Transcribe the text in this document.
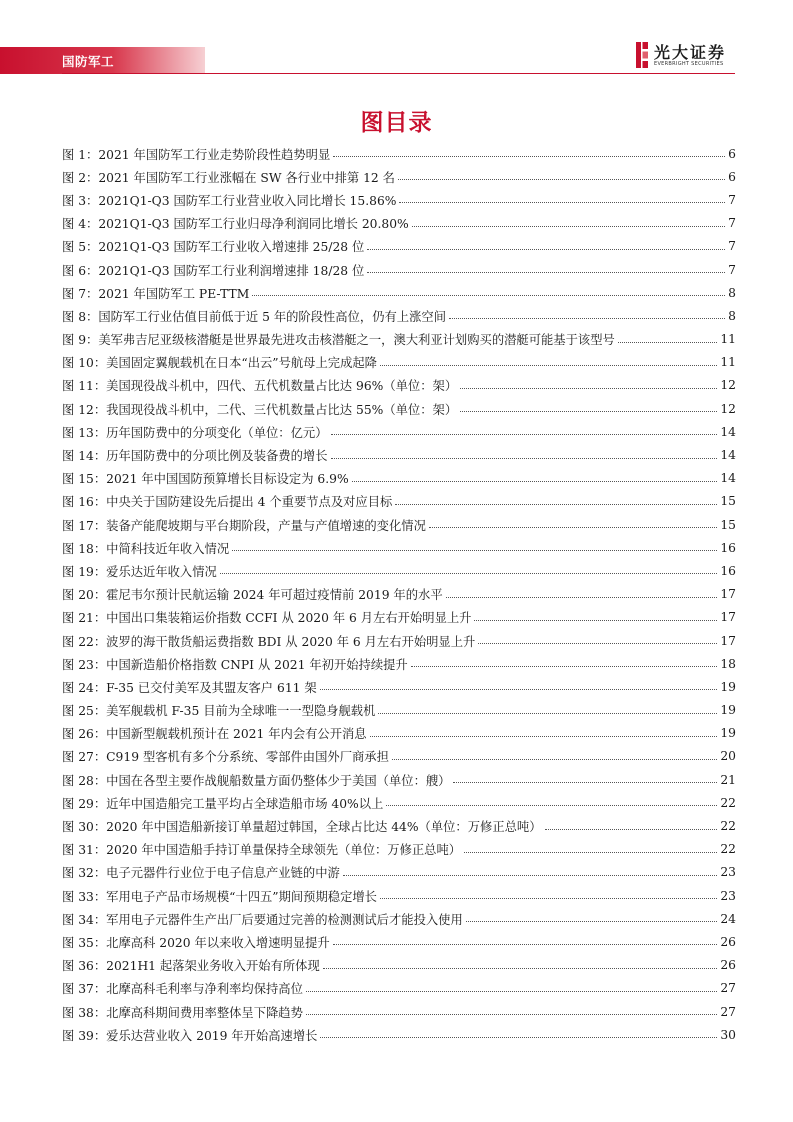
国防军工	光大证券
EVERBRIGHT SECURITIES
图目录
图 1：2021 年国防军工行业走势阶段性趋势明显	6
图 2：2021 年国防军工行业涨幅在 SW 各行业中排第 12 名	6
图 3：2021Q1-Q3 国防军工行业营业收入同比增长 15.86%	7
图 4：2021Q1-Q3 国防军工行业归母净利润同比增长 20.80%	7
图 5：2021Q1-Q3 国防军工行业收入增速排 25/28 位	7
图 6：2021Q1-Q3 国防军工行业利润增速排 18/28 位	7
图 7：2021 年国防军工 PE-TTM	8
图 8：国防军工行业估值目前低于近 5 年的阶段性高位，仍有上涨空间	8
图 9：美军弗吉尼亚级核潜艇是世界最先进攻击核潜艇之一，澳大利亚计划购买的潜艇可能基于该型号	11
图 10：美国固定翼舰载机在日本“出云”号航母上完成起降	11
图 11：美国现役战斗机中，四代、五代机数量占比达 96%（单位：架）	12
图 12：我国现役战斗机中，二代、三代机数量占比达 55%（单位：架）	12
图 13：历年国防费中的分项变化（单位：亿元）	14
图 14：历年国防费中的分项比例及装备费的增长	14
图 15：2021 年中国国防预算增长目标设定为 6.9%	14
图 16：中央关于国防建设先后提出 4 个重要节点及对应目标	15
图 17：装备产能爬坡期与平台期阶段，产量与产值增速的变化情况	15
图 18：中简科技近年收入情况	16
图 19：爱乐达近年收入情况	16
图 20：霍尼韦尔预计民航运输 2024 年可超过疫情前 2019 年的水平	17
图 21：中国出口集装箱运价指数 CCFI 从 2020 年 6 月左右开始明显上升	17
图 22：波罗的海干散货船运费指数 BDI 从 2020 年 6 月左右开始明显上升	17
图 23：中国新造船价格指数 CNPI 从 2021 年初开始持续提升	18
图 24：F-35 已交付美军及其盟友客户 611 架	19
图 25：美军舰载机 F-35 目前为全球唯一一型隐身舰载机	19
图 26：中国新型舰载机预计在 2021 年内会有公开消息	19
图 27：C919 型客机有多个分系统、零部件由国外厂商承担	20
图 28：中国在各型主要作战舰船数量方面仍整体少于美国（单位：艘）	21
图 29：近年中国造船完工量平均占全球造船市场 40%以上	22
图 30：2020 年中国造船新接订单量超过韩国，全球占比达 44%（单位：万修正总吨）	22
图 31：2020 年中国造船手持订单量保持全球领先（单位：万修正总吨）	22
图 32：电子元器件行业位于电子信息产业链的中游	23
图 33：军用电子产品市场规模“十四五”期间预期稳定增长	23
图 34：军用电子元器件生产出厂后要通过完善的检测测试后才能投入使用	24
图 35：北摩高科 2020 年以来收入增速明显提升	26
图 36：2021H1 起落架业务收入开始有所体现	26
图 37：北摩高科毛利率与净利率均保持高位	27
图 38：北摩高科期间费用率整体呈下降趋势	27
图 39：爱乐达营业收入 2019 年开始高速增长	30
